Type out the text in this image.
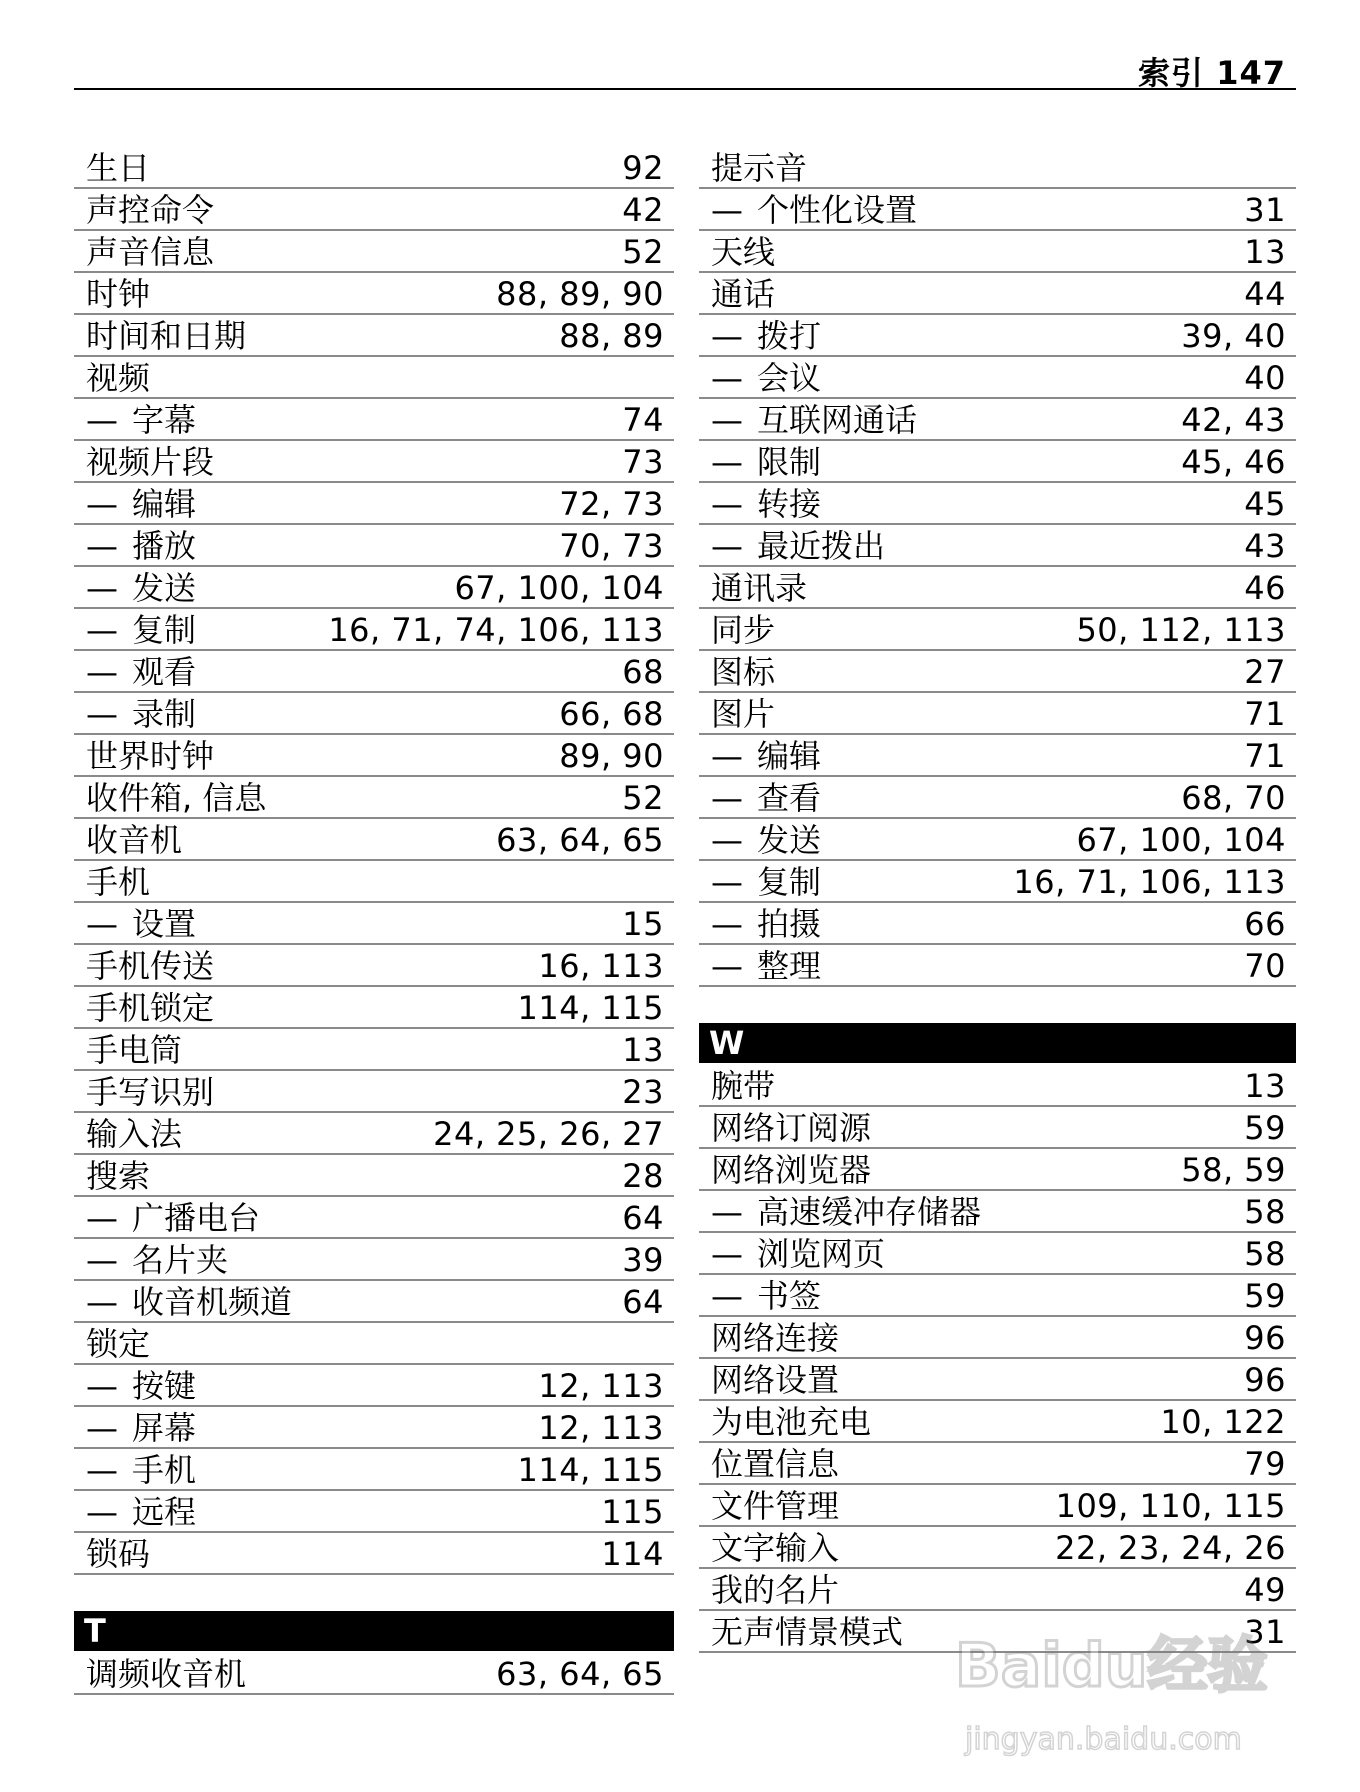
索引 147
生日	92
声控命令	42
声音信息	52
时钟	88, 89, 90
时间和日期	88, 89
视频
— 字幕	74
视频片段	73
— 编辑	72, 73
— 播放	70, 73
— 发送	67, 100, 104
— 复制	16, 71, 74, 106, 113
— 观看	68
— 录制	66, 68
世界时钟	89, 90
收件箱, 信息	52
收音机	63, 64, 65
手机
— 设置	15
手机传送	16, 113
手机锁定	114, 115
手电筒	13
手写识别	23
输入法	24, 25, 26, 27
搜索	28
— 广播电台	64
— 名片夹	39
— 收音机频道	64
锁定
— 按键	12, 113
— 屏幕	12, 113
— 手机	114, 115
— 远程	115
锁码	114
T
调频收音机	63, 64, 65
提示音
— 个性化设置	31
天线	13
通话	44
— 拨打	39, 40
— 会议	40
— 互联网通话	42, 43
— 限制	45, 46
— 转接	45
— 最近拨出	43
通讯录	46
同步	50, 112, 113
图标	27
图片	71
— 编辑	71
— 查看	68, 70
— 发送	67, 100, 104
— 复制	16, 71, 106, 113
— 拍摄	66
— 整理	70
W
腕带	13
网络订阅源	59
网络浏览器	58, 59
— 高速缓冲存储器	58
— 浏览网页	58
— 书签	59
网络连接	96
网络设置	96
为电池充电	10, 122
位置信息	79
文件管理	109, 110, 115
文字输入	22, 23, 24, 26
我的名片	49
无声情景模式	31
Baidu经验
jingyan.baidu.com
